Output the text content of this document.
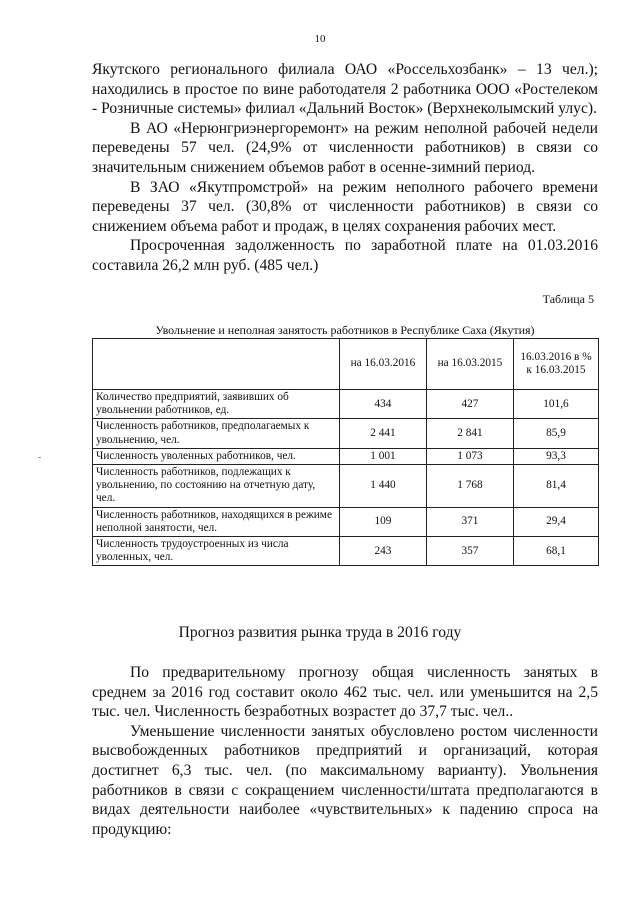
10

Якутского регионального филиала ОАО «Россельхозбанк» – 13 чел.); находились в простое по вине работодателя 2 работника ООО «Ростелеком - Розничные системы» филиал «Дальний Восток» (Верхнеколымский улус).

В АО «Нерюнгриэнергоремонт» на режим неполной рабочей недели переведены 57 чел. (24,9% от численности работников) в связи со значительным снижением объемов работ в осенне-зимний период.

В ЗАО «Якутпромстрой» на режим неполного рабочего времени переведены 37 чел. (30,8% от численности работников) в связи со снижением объема работ и продаж, в целях сохранения рабочих мест.

Просроченная задолженность по заработной плате на 01.03.2016 составила 26,2 млн руб. (485 чел.)

Таблица 5
Увольнение и неполная занятость работников в Республике Саха (Якутия)
	на 16.03.2016	на 16.03.2015	16.03.2016 в % к 16.03.2015
Количество предприятий, заявивших об увольнении работников, ед.	434	427	101,6
Численность работников, предполагаемых к увольнению, чел.	2 441	2 841	85,9
Численность уволенных работников, чел.	1 001	1 073	93,3
Численность работников, подлежащих к увольнению, по состоянию на отчетную дату, чел.	1 440	1 768	81,4
Численность работников, находящихся в режиме неполной занятости, чел.	109	371	29,4
Численность трудоустроенных из числа уволенных, чел.	243	357	68,1
Прогноз развития рынка труда в 2016 году

По предварительному прогнозу общая численность занятых в среднем за 2016 год составит около 462 тыс. чел. или уменьшится на 2,5 тыс. чел. Численность безработных возрастет до 37,7 тыс. чел..

Уменьшение численности занятых обусловлено ростом численности высвобожденных работников предприятий и организаций, которая достигнет 6,3 тыс. чел. (по максимальному варианту). Увольнения работников в связи с сокращением численности/штата предполагаются в видах деятельности наиболее «чувствительных» к падению спроса на продукцию:
